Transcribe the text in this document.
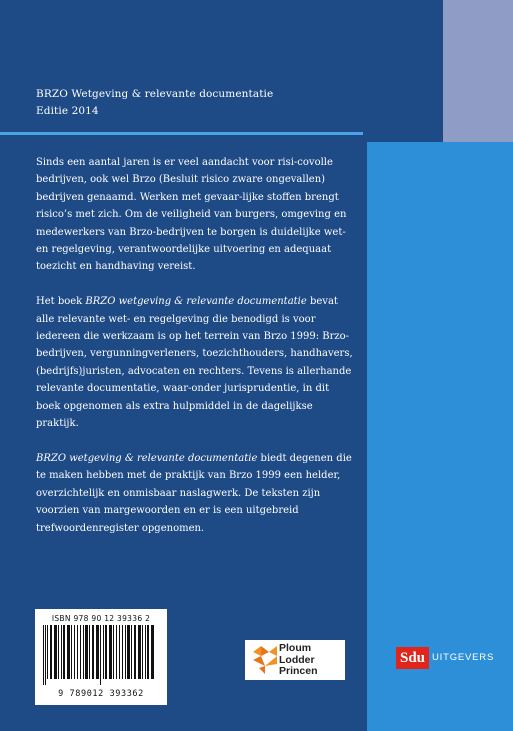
BRZO Wetgeving & relevante documentatie
Editie 2014

Sinds een aantal jaren is er veel aandacht voor risi-covolle bedrijven, ook wel Brzo (Besluit risico zware ongevallen) bedrijven genaamd. Werken met gevaar-lijke stoffen brengt risico’s met zich. Om de veiligheid van burgers, omgeving en medewerkers van Brzo-bedrijven te borgen is duidelijke wet- en regelgeving, verantwoordelijke uitvoering en adequaat toezicht en handhaving vereist.

Het boek BRZO wetgeving & relevante documentatie bevat alle relevante wet- en regelgeving die benodigd is voor iedereen die werkzaam is op het terrein van Brzo 1999: Brzo-bedrijven, vergunningverleners, toezichthouders, handhavers, (bedrijfs)juristen, advocaten en rechters. Tevens is allerhande relevante documentatie, waar-onder jurisprudentie, in dit boek opgenomen als extra hulpmiddel in de dagelijkse praktijk.

BRZO wetgeving & relevante documentatie biedt degenen die te maken hebben met de praktijk van Brzo 1999 een helder, overzichtelijk en onmisbaar naslagwerk. De teksten zijn voorzien van margewoorden en er is een uitgebreid trefwoordenregister opgenomen.

ISBN 978 90 12 39336 2
9 789012 393362
Ploum
Lodder
Princen
Sdu UITGEVERS
